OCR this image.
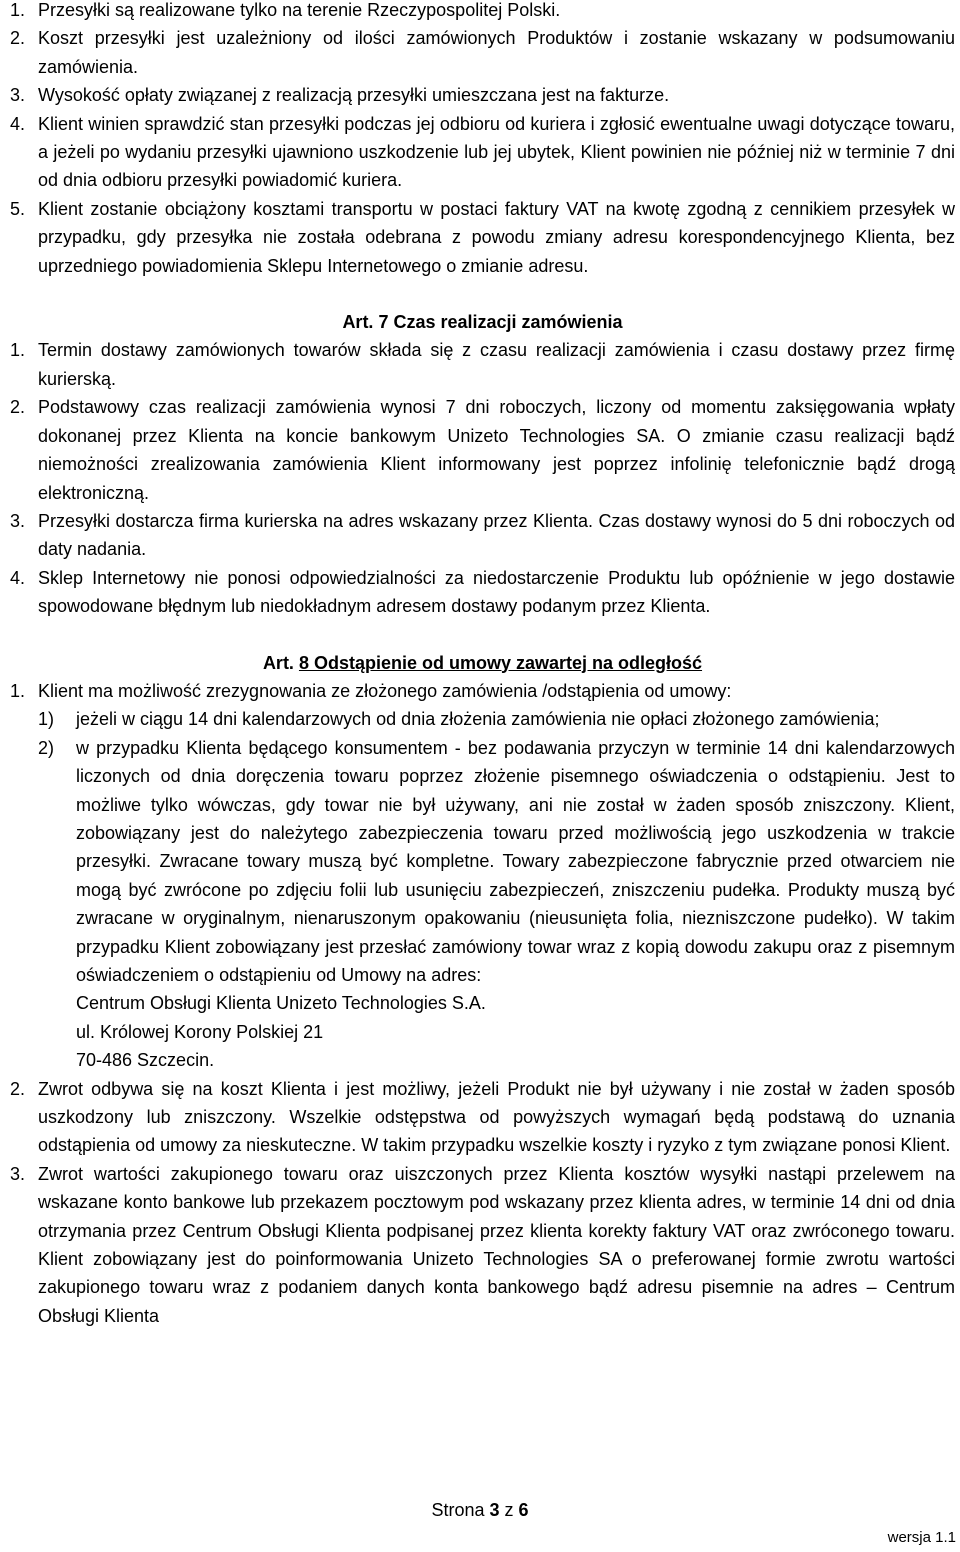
1. Przesyłki są realizowane tylko na terenie Rzeczypospolitej Polski.
2. Koszt przesyłki jest uzależniony od ilości zamówionych Produktów i zostanie wskazany w podsumowaniu zamówienia.
3. Wysokość opłaty związanej z realizacją przesyłki umieszczana jest na fakturze.
4. Klient winien sprawdzić stan przesyłki podczas jej odbioru od kuriera i zgłosić ewentualne uwagi dotyczące towaru, a jeżeli po wydaniu przesyłki ujawniono uszkodzenie lub jej ubytek, Klient powinien nie później niż w terminie 7 dni od dnia odbioru przesyłki powiadomić kuriera.
5. Klient zostanie obciążony kosztami transportu w postaci faktury VAT na kwotę zgodną z cennikiem przesyłek w przypadku, gdy przesyłka nie została odebrana z powodu zmiany adresu korespondencyjnego Klienta, bez uprzedniego powiadomienia Sklepu Internetowego o zmianie adresu.
Art. 7 Czas realizacji zamówienia
1. Termin dostawy zamówionych towarów składa się z czasu realizacji zamówienia i czasu dostawy przez firmę kurierską.
2. Podstawowy czas realizacji zamówienia wynosi 7 dni roboczych, liczony od momentu zaksięgowania wpłaty dokonanej przez Klienta na koncie bankowym Unizeto Technologies SA. O zmianie czasu realizacji bądź niemożności zrealizowania zamówienia Klient informowany jest poprzez infolinię telefonicznie bądź drogą elektroniczną.
3. Przesyłki dostarcza firma kurierska na adres wskazany przez Klienta. Czas dostawy wynosi do 5 dni roboczych od daty nadania.
4. Sklep Internetowy nie ponosi odpowiedzialności za niedostarczenie Produktu lub opóźnienie w jego dostawie spowodowane błędnym lub niedokładnym adresem dostawy podanym przez Klienta.
Art. 8 Odstąpienie od umowy zawartej na odległość
1. Klient ma możliwość zrezygnowania ze złożonego zamówienia /odstąpienia od umowy:
1) jeżeli w ciągu 14 dni kalendarzowych od dnia złożenia zamówienia nie opłaci złożonego zamówienia;
2) w przypadku Klienta będącego konsumentem - bez podawania przyczyn w terminie 14 dni kalendarzowych liczonych od dnia doręczenia towaru poprzez złożenie pisemnego oświadczenia o odstąpieniu. Jest to możliwe tylko wówczas, gdy towar nie był używany, ani nie został w żaden sposób zniszczony. Klient, zobowiązany jest do należytego zabezpieczenia towaru przed możliwością jego uszkodzenia w trakcie przesyłki. Zwracane towary muszą być kompletne. Towary zabezpieczone fabrycznie przed otwarciem nie mogą być zwrócone po zdjęciu folii lub usunięciu zabezpieczeń, zniszczeniu pudełka. Produkty muszą być zwracane w oryginalnym, nienaruszonym opakowaniu (nieusunięta folia, niezniszczone pudełko). W takim przypadku Klient zobowiązany jest przesłać zamówiony towar wraz z kopią dowodu zakupu oraz z pisemnym oświadczeniem o odstąpieniu od Umowy na adres:
Centrum Obsługi Klienta Unizeto Technologies S.A.
ul. Królowej Korony Polskiej 21
70-486 Szczecin.
2. Zwrot odbywa się na koszt Klienta i jest możliwy, jeżeli Produkt nie był używany i nie został w żaden sposób uszkodzony lub zniszczony. Wszelkie odstępstwa od powyższych wymagań będą podstawą do uznania odstąpienia od umowy za nieskuteczne. W takim przypadku wszelkie koszty i ryzyko z tym związane ponosi Klient.
3. Zwrot wartości zakupionego towaru oraz uiszczonych przez Klienta kosztów wysyłki nastąpi przelewem na wskazane konto bankowe lub przekazem pocztowym pod wskazany przez klienta adres, w terminie 14 dni od dnia otrzymania przez Centrum Obsługi Klienta podpisanej przez klienta korekty faktury VAT oraz zwróconego towaru. Klient zobowiązany jest do poinformowania Unizeto Technologies SA o preferowanej formie zwrotu wartości zakupionego towaru wraz z podaniem danych konta bankowego bądź adresu pisemnie na adres – Centrum Obsługi Klienta
Strona 3 z 6
wersja 1.1
